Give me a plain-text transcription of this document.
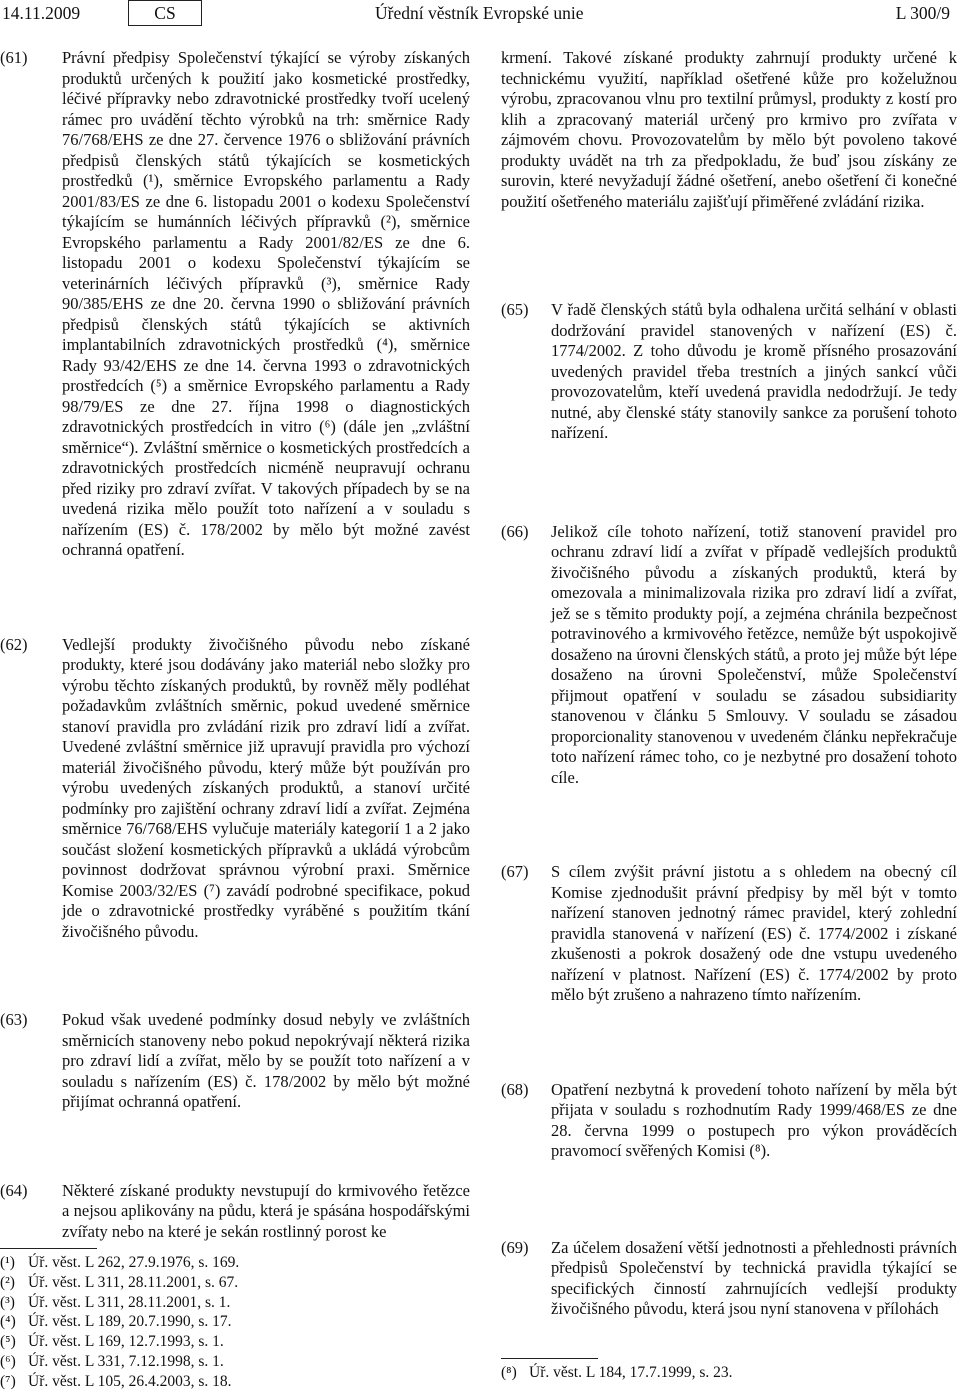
14.11.2009	CS	Úřední věstník Evropské unie	L 300/9
(61) Právní předpisy Společenství týkající se výroby získaných produktů určených k použití jako kosmetické prostředky, léčivé přípravky nebo zdravotnické prostředky tvoří ucelený rámec pro uvádění těchto výrobků na trh: směrnice Rady 76/768/EHS ze dne 27. července 1976 o sbližování právních předpisů členských států týkajících se kosmetických prostředků (¹), směrnice Evropského parlamentu a Rady 2001/83/ES ze dne 6. listopadu 2001 o kodexu Společenství týkajícím se humánních léčivých přípravků (²), směrnice Evropského parlamentu a Rady 2001/82/ES ze dne 6. listopadu 2001 o kodexu Společenství týkajícím se veterinárních léčivých přípravků (³), směrnice Rady 90/385/EHS ze dne 20. června 1990 o sbližování právních předpisů členských států týkajících se aktivních implantabilních zdravotnických prostředků (⁴), směrnice Rady 93/42/EHS ze dne 14. června 1993 o zdravotnických prostředcích (⁵) a směrnice Evropského parlamentu a Rady 98/79/ES ze dne 27. října 1998 o diagnostických zdravotnických prostředcích in vitro (⁶) (dále jen „zvláštní směrnice“). Zvláštní směrnice o kosmetických prostředcích a zdravotnických prostředcích nicméně neupravují ochranu před riziky pro zdraví zvířat. V takových případech by se na uvedená rizika mělo použít toto nařízení a v souladu s nařízením (ES) č. 178/2002 by mělo být možné zavést ochranná opatření.
(62) Vedlejší produkty živočišného původu nebo získané produkty, které jsou dodávány jako materiál nebo složky pro výrobu těchto získaných produktů, by rovněž měly podléhat požadavkům zvláštních směrnic, pokud uvedené směrnice stanoví pravidla pro zvládání rizik pro zdraví lidí a zvířat. Uvedené zvláštní směrnice již upravují pravidla pro výchozí materiál živočišného původu, který může být používán pro výrobu uvedených získaných produktů, a stanoví určité podmínky pro zajištění ochrany zdraví lidí a zvířat. Zejména směrnice 76/768/EHS vylučuje materiály kategorií 1 a 2 jako součást složení kosmetických přípravků a ukládá výrobcům povinnost dodržovat správnou výrobní praxi. Směrnice Komise 2003/32/ES (⁷) zavádí podrobné specifikace, pokud jde o zdravotnické prostředky vyráběné s použitím tkání živočišného původu.
(63) Pokud však uvedené podmínky dosud nebyly ve zvláštních směrnicích stanoveny nebo pokud nepokrývají některá rizika pro zdraví lidí a zvířat, mělo by se použít toto nařízení a v souladu s nařízením (ES) č. 178/2002 by mělo být možné přijímat ochranná opatření.
(64) Některé získané produkty nevstupují do krmivového řetězce a nejsou aplikovány na půdu, která je spásána hospodářskými zvířaty nebo na které je sekán rostlinný porost ke
(¹) Úř. věst. L 262, 27.9.1976, s. 169.
(²) Úř. věst. L 311, 28.11.2001, s. 67.
(³) Úř. věst. L 311, 28.11.2001, s. 1.
(⁴) Úř. věst. L 189, 20.7.1990, s. 17.
(⁵) Úř. věst. L 169, 12.7.1993, s. 1.
(⁶) Úř. věst. L 331, 7.12.1998, s. 1.
(⁷) Úř. věst. L 105, 26.4.2003, s. 18.
krmení. Takové získané produkty zahrnují produkty určené k technickému využití, například ošetřené kůže pro koželužnou výrobu, zpracovanou vlnu pro textilní průmysl, produkty z kostí pro klih a zpracovaný materiál určený pro krmivo pro zvířata v zájmovém chovu. Provozovatelům by mělo být povoleno takové produkty uvádět na trh za předpokladu, že buď jsou získány ze surovin, které nevyžadují žádné ošetření, anebo ošetření či konečné použití ošetřeného materiálu zajišťují přiměřené zvládání rizika.
(65) V řadě členských států byla odhalena určitá selhání v oblasti dodržování pravidel stanovených v nařízení (ES) č. 1774/2002. Z toho důvodu je kromě přísného prosazování uvedených pravidel třeba trestních a jiných sankcí vůči provozovatelům, kteří uvedená pravidla nedodržují. Je tedy nutné, aby členské státy stanovily sankce za porušení tohoto nařízení.
(66) Jelikož cíle tohoto nařízení, totiž stanovení pravidel pro ochranu zdraví lidí a zvířat v případě vedlejších produktů živočišného původu a získaných produktů, která by omezovala a minimalizovala rizika pro zdraví lidí a zvířat, jež se s těmito produkty pojí, a zejména chránila bezpečnost potravinového a krmivového řetězce, nemůže být uspokojivě dosaženo na úrovni členských států, a proto jej může být lépe dosaženo na úrovni Společenství, může Společenství přijmout opatření v souladu se zásadou subsidiarity stanovenou v článku 5 Smlouvy. V souladu se zásadou proporcionality stanovenou v uvedeném článku nepřekračuje toto nařízení rámec toho, co je nezbytné pro dosažení tohoto cíle.
(67) S cílem zvýšit právní jistotu a s ohledem na obecný cíl Komise zjednodušit právní předpisy by měl být v tomto nařízení stanoven jednotný rámec pravidel, který zohlední pravidla stanovená v nařízení (ES) č. 1774/2002 i získané zkušenosti a pokrok dosažený ode dne vstupu uvedeného nařízení v platnost. Nařízení (ES) č. 1774/2002 by proto mělo být zrušeno a nahrazeno tímto nařízením.
(68) Opatření nezbytná k provedení tohoto nařízení by měla být přijata v souladu s rozhodnutím Rady 1999/468/ES ze dne 28. června 1999 o postupech pro výkon prováděcích pravomocí svěřených Komisi (⁸).
(69) Za účelem dosažení větší jednotnosti a přehlednosti právních předpisů Společenství by technická pravidla týkající se specifických činností zahrnujících vedlejší produkty živočišného původu, která jsou nyní stanovena v přílohách
(⁸) Úř. věst. L 184, 17.7.1999, s. 23.
